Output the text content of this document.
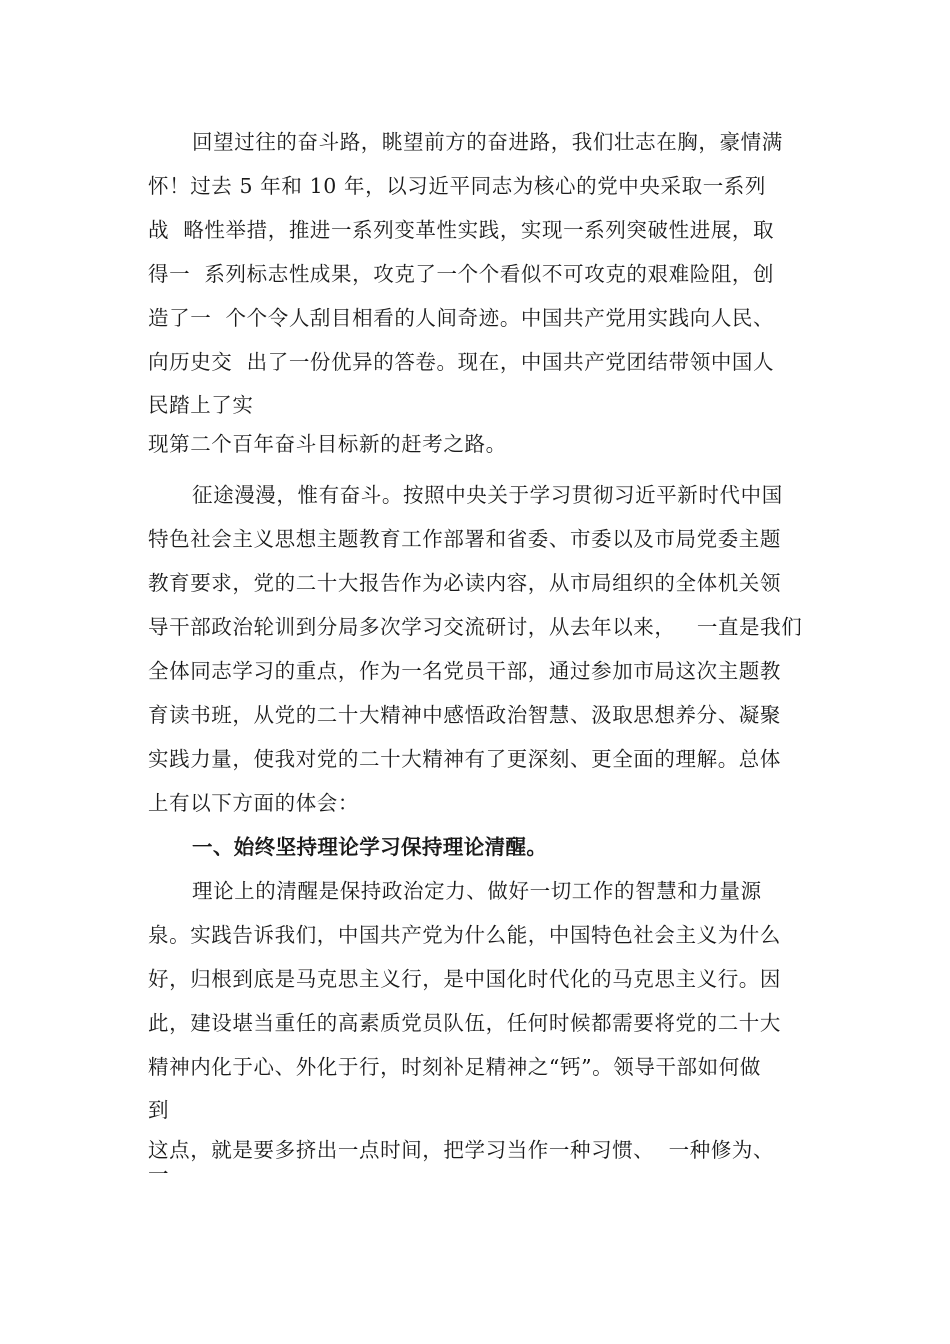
回望过往的奋斗路，眺望前方的奋进路，我们壮志在胸，豪情满
怀！过去 5 年和 10 年，以习近平同志为核心的党中央采取一系列
战  略性举措，推进一系列变革性实践，实现一系列突破性进展，取
得一  系列标志性成果，攻克了一个个看似不可攻克的艰难险阻，创
造了一  个个令人刮目相看的人间奇迹。中国共产党用实践向人民、
向历史交  出了一份优异的答卷。现在，中国共产党团结带领中国人
民踏上了实
现第二个百年奋斗目标新的赶考之路。
征途漫漫，惟有奋斗。按照中央关于学习贯彻习近平新时代中国
特色社会主义思想主题教育工作部署和省委、市委以及市局党委主题
教育要求，党的二十大报告作为必读内容，从市局组织的全体机关领
导干部政治轮训到分局多次学习交流研讨，从去年以来，   一直是我们
全体同志学习的重点，作为一名党员干部，通过参加市局这次主题教
育读书班，从党的二十大精神中感悟政治智慧、汲取思想养分、凝聚
实践力量，使我对党的二十大精神有了更深刻、更全面的理解。总体
上有以下方面的体会：
一、始终坚持理论学习保持理论清醒。
理论上的清醒是保持政治定力、做好一切工作的智慧和力量源
泉。实践告诉我们，中国共产党为什么能，中国特色社会主义为什么
好，归根到底是马克思主义行，是中国化时代化的马克思主义行。因
此，建设堪当重任的高素质党员队伍，任何时候都需要将党的二十大
精神内化于心、外化于行，时刻补足精神之“钙”。领导干部如何做
到
这点，就是要多挤出一点时间，把学习当作一种习惯、  一种修为、
一
